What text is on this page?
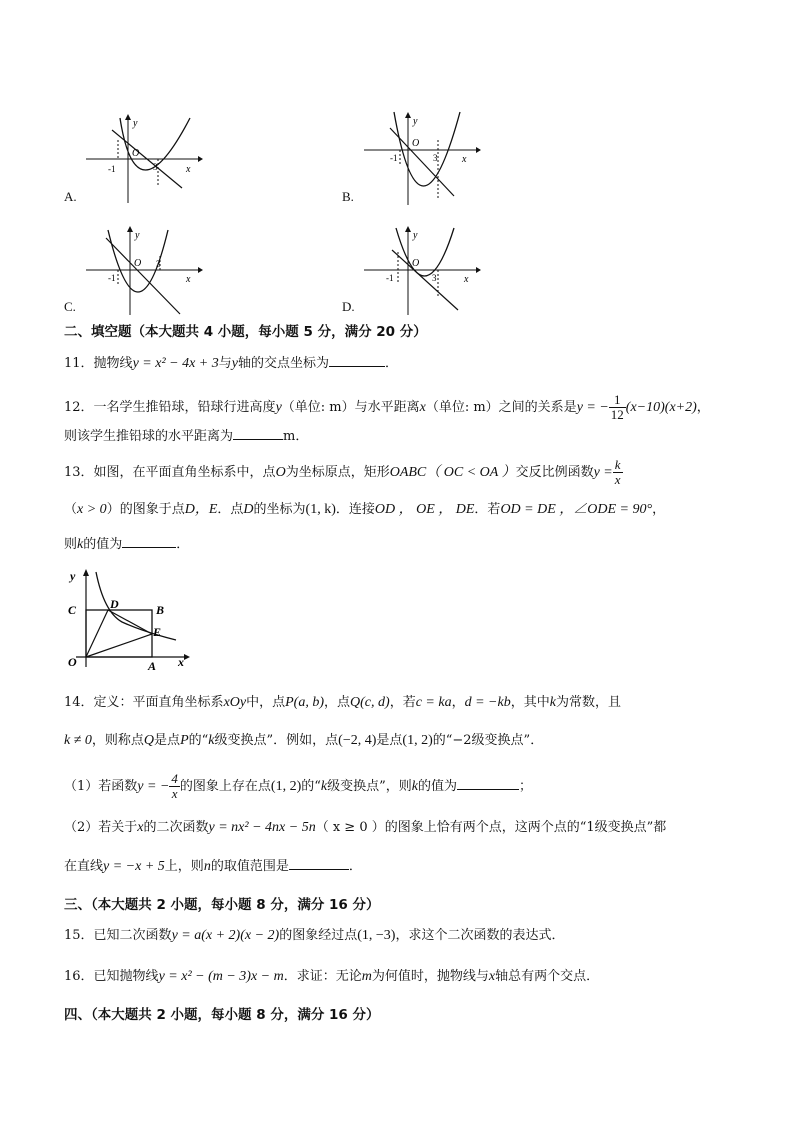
y
O
-1	3	x
A.
y
O
-1	3 x
B.
y
O
-1
3
x
C.
y
O
-1	3	x
D.
二、填空题（本大题共 4 小题，每小题 5 分，满分 20 分）
11．抛物线y = x² − 4x + 3与y轴的交点坐标为	．
12．一名学生推铅球，铅球行进高度y（单位: m）与水平距离x（单位: m）之间的关系是y = − $\frac{1}{12} (x-10)(x+2)$，
则该学生推铅球的水平距离为	m．
13．如图，在平面直角坐标系中，点O为坐标原点，矩形OABC（ OC < OA ）交反比例函数$y = \frac{k}{x}$
（x > 0）的图象于点D，E．点D的坐标为(1, k)．连接OD ， OE ， DE．若OD = DE ，∠ODE = 90°，
则k的值为	．
y
C	D	B
E
O	A x
14．定义：平面直角坐标系xOy中，点P(a, b)，点Q(c, d)，若c = ka，d = −kb，其中k为常数，且
k ≠ 0，则称点Q是点P的“k级变换点”．例如，点(−2, 4)是点(1, 2)的“−2级变换点”．
（1）若函数y = − $\frac{4}{x}$ 的图象上存在点(1, 2)的“k级变换点”，则k的值为	；
（2）若关于x的二次函数y = nx² − 4nx − 5n（ x ≥ 0 ）的图象上恰有两个点，这两个点的“1级变换点”都
在直线y = −x + 5上，则n的取值范围是	．
三、（本大题共 2 小题，每小题 8 分，满分 16 分）
15．已知二次函数y = a(x + 2)(x − 2)的图象经过点(1, −3)，求这个二次函数的表达式．
16．已知抛物线y = x² − (m − 3)x − m．求证：无论m为何值时，抛物线与x轴总有两个交点．
四、（本大题共 2 小题，每小题 8 分，满分 16 分）
